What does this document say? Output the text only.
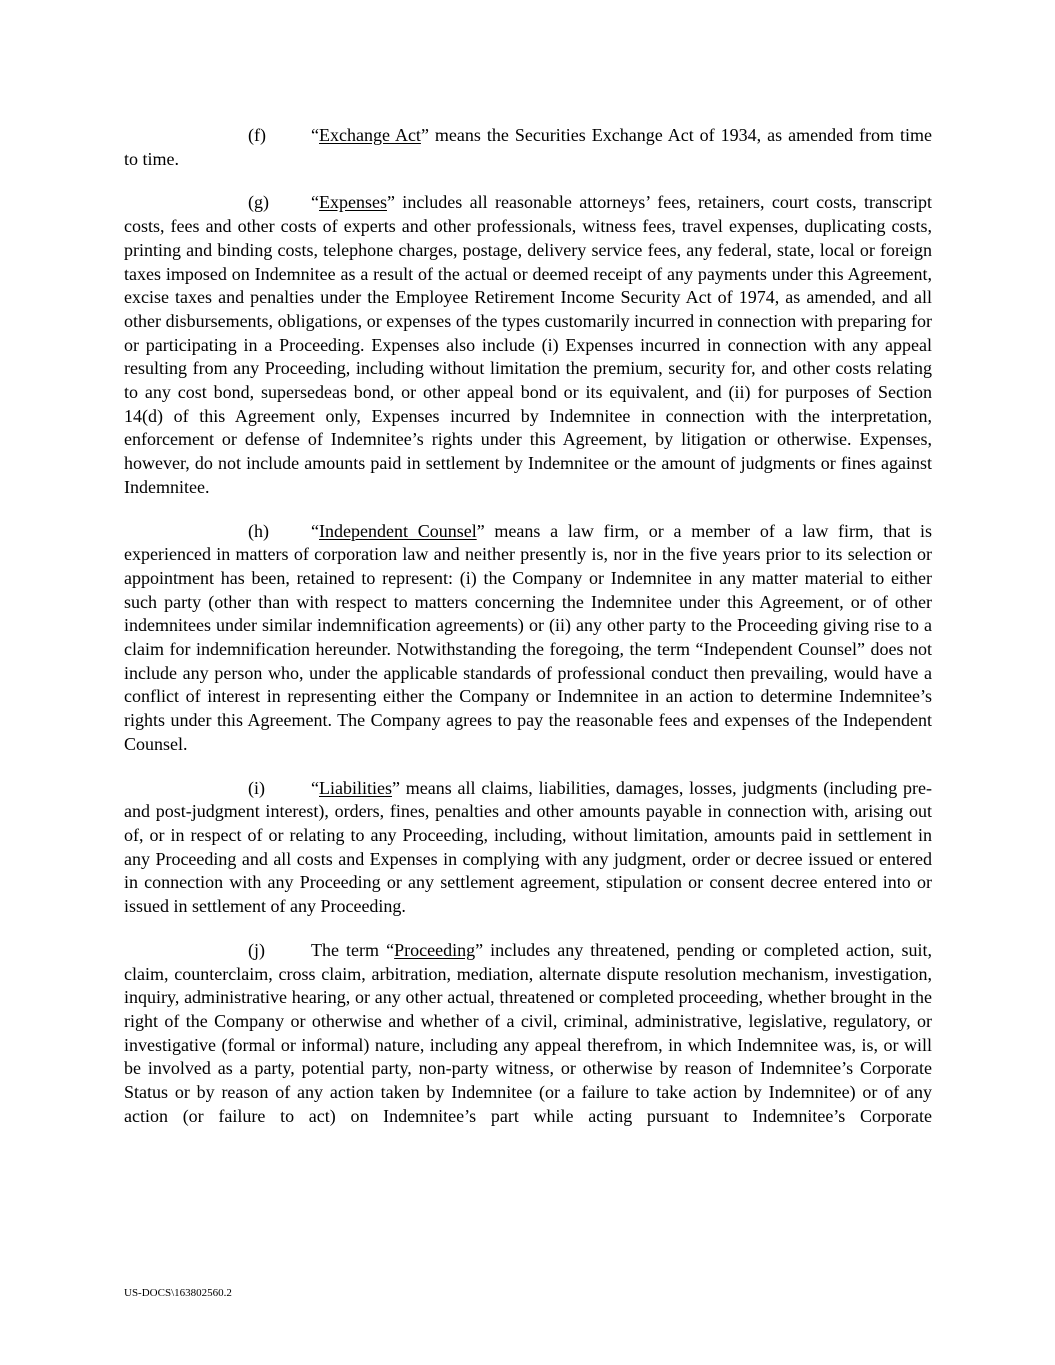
(f)	“Exchange Act” means the Securities Exchange Act of 1934, as amended from time to time.

(g) “Expenses” includes all reasonable attorneys’ fees, retainers, court costs, transcript costs, fees and other costs of experts and other professionals, witness fees, travel expenses, duplicating costs, printing and binding costs, telephone charges, postage, delivery service fees, any federal, state, local or foreign taxes imposed on Indemnitee as a result of the actual or deemed receipt of any payments under this Agreement, excise taxes and penalties under the Employee Retirement Income Security Act of 1974, as amended, and all other disbursements, obligations, or expenses of the types customarily incurred in connection with preparing for or participating in a Proceeding. Expenses also include (i) Expenses incurred in connection with any appeal resulting from any Proceeding, including without limitation the premium, security for, and other costs relating to any cost bond, supersedeas bond, or other appeal bond or its equivalent, and (ii) for purposes of Section 14(d) of this Agreement only, Expenses incurred by Indemnitee in connection with the interpretation, enforcement or defense of Indemnitee’s rights under this Agreement, by litigation or otherwise. Expenses, however, do not include amounts paid in settlement by Indemnitee or the amount of judgments or fines against Indemnitee.

(h) “Independent Counsel” means a law firm, or a member of a law firm, that is experienced in matters of corporation law and neither presently is, nor in the five years prior to its selection or appointment has been, retained to represent: (i) the Company or Indemnitee in any matter material to either such party (other than with respect to matters concerning the Indemnitee under this Agreement, or of other indemnitees under similar indemnification agreements) or (ii) any other party to the Proceeding giving rise to a claim for indemnification hereunder. Notwithstanding the foregoing, the term “Independent Counsel” does not include any person who, under the applicable standards of professional conduct then prevailing, would have a conflict of interest in representing either the Company or Indemnitee in an action to determine Indemnitee’s rights under this Agreement. The Company agrees to pay the reasonable fees and expenses of the Independent Counsel.

(i)	“Liabilities” means all claims, liabilities, damages, losses, judgments (including pre- and post-judgment interest), orders, fines, penalties and other amounts payable in connection with, arising out of, or in respect of or relating to any Proceeding, including, without limitation, amounts paid in settlement in any Proceeding and all costs and Expenses in complying with any judgment, order or decree issued or entered in connection with any Proceeding or any settlement agreement, stipulation or consent decree entered into or issued in settlement of any Proceeding.

(j)	The term “Proceeding” includes any threatened, pending or completed action, suit, claim, counterclaim, cross claim, arbitration, mediation, alternate dispute resolution mechanism, investigation, inquiry, administrative hearing, or any other actual, threatened or completed proceeding, whether brought in the right of the Company or otherwise and whether of a civil, criminal, administrative, legislative, regulatory, or investigative (formal or informal) nature, including any appeal therefrom, in which Indemnitee was, is, or will be involved as a party, potential party, non-party witness, or otherwise by reason of Indemnitee’s Corporate Status or by reason of any action taken by Indemnitee (or a failure to take action by Indemnitee) or of any action (or failure to act) on Indemnitee’s part while acting pursuant to Indemnitee’s Corporate

US-DOCS\163802560.2
